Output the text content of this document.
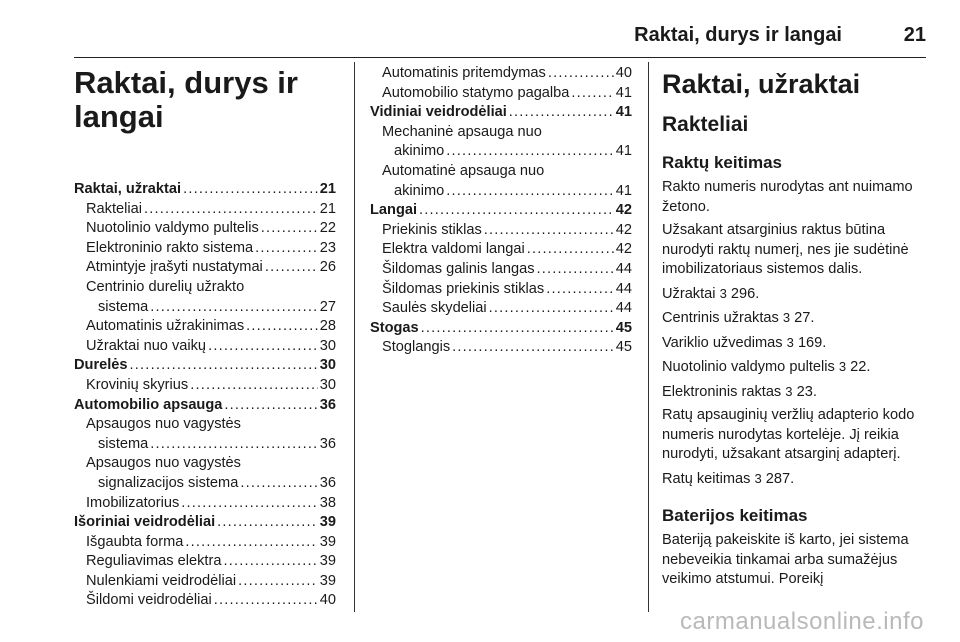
Raktai, durys ir langai	21
Raktai, durys ir
langai
Raktai, užraktai .....	21
Rakteliai .....	21
Nuotolinio valdymo pultelis .....	22
Elektroninio rakto sistema .....	23
Atmintyje įrašyti nustatymai .....	26
Centrinio durelių užrakto
sistema .....	27
Automatinis užrakinimas .....	28
Užraktai nuo vaikų .....	30
Durelės .....	30
Krovinių skyrius .....	30
Automobilio apsauga .....	36
Apsaugos nuo vagystės
sistema .....	36
Apsaugos nuo vagystės
signalizacijos sistema .....	36
Imobilizatorius .....	38
Išoriniai veidrodėliai .....	39
Išgaubta forma .....	39
Reguliavimas elektra .....	39
Nulenkiami veidrodėliai .....	39
Šildomi veidrodėliai .....	40
Automatinis pritemdymas .....	40
Automobilio statymo pagalba .....	41
Vidiniai veidrodėliai .....	41
Mechaninė apsauga nuo
akinimo .....	41
Automatinė apsauga nuo
akinimo .....	41
Langai .....	42
Priekinis stiklas .....	42
Elektra valdomi langai .....	42
Šildomas galinis langas .....	44
Šildomas priekinis stiklas .....	44
Saulės skydeliai .....	44
Stogas .....	45
Stoglangis .....	45
Raktai, užraktai
Rakteliai
Raktų keitimas

Rakto numeris nurodytas ant nuimamo žetono.

Užsakant atsarginius raktus būtina nurodyti raktų numerį, nes jie sudėtinė imobilizatoriaus sistemos dalis.

Užraktai 3 296.

Centrinis užraktas 3 27.

Variklio užvedimas 3 169.

Nuotolinio valdymo pultelis 3 22.

Elektroninis raktas 3 23.

Ratų apsauginių veržlių adapterio kodo numeris nurodytas kortelėje. Jį reikia nurodyti, užsakant atsarginį adapterį.

Ratų keitimas 3 287.

Baterijos keitimas

Bateriją pakeiskite iš karto, jei sistema nebeveikia tinkamai arba sumažėjus veikimo atstumui. Poreikį

carmanualsonline.info
